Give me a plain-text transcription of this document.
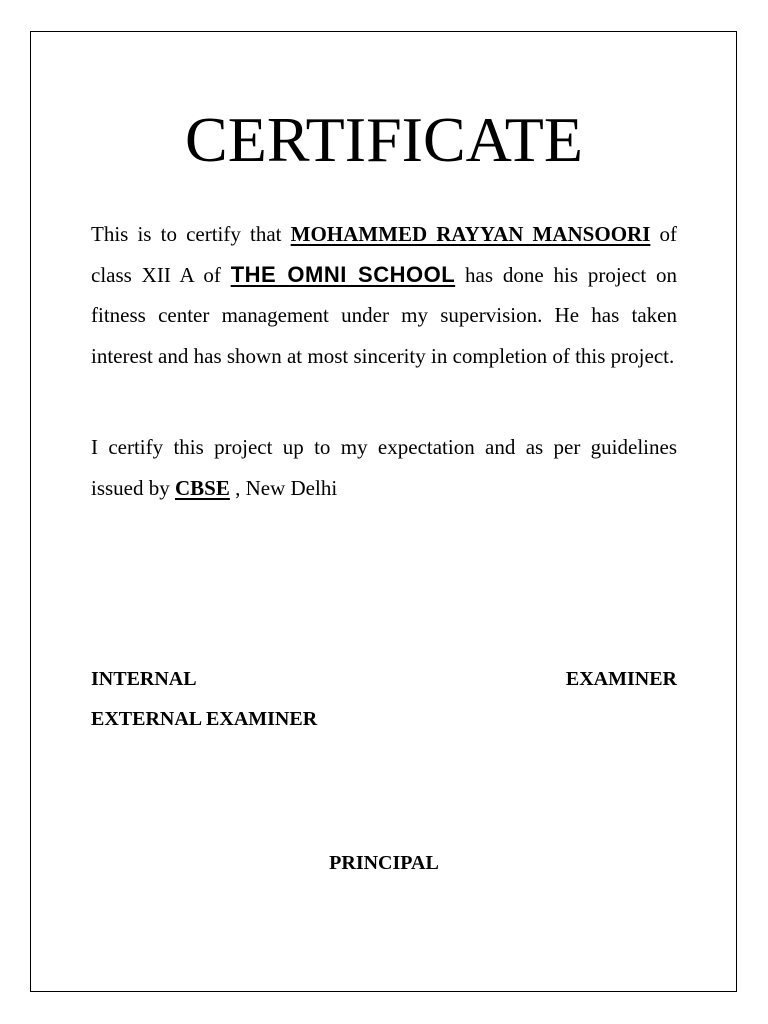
CERTIFICATE

This is to certify that MOHAMMED RAYYAN MANSOORI of class XII A of THE OMNI SCHOOL has done his project on fitness center management under my supervision. He has taken interest and has shown at most sincerity in completion of this project.

I certify this project up to my expectation and as per guidelines issued by CBSE , New Delhi

INTERNAL	EXAMINER

EXTERNAL EXAMINER

PRINCIPAL
